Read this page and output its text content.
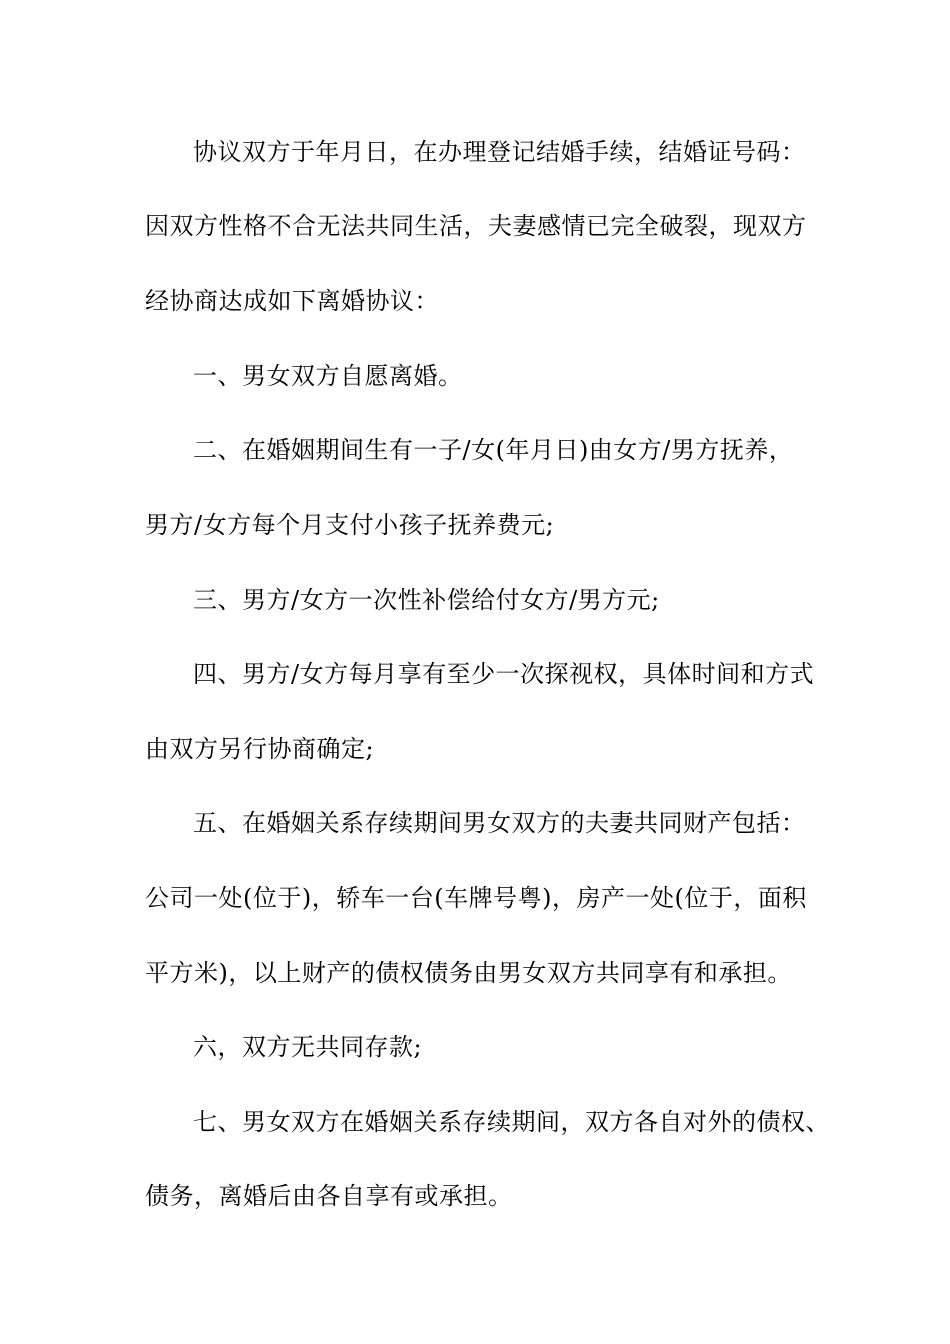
协议双方于年月日，在办理登记结婚手续，结婚证号码：
因双方性格不合无法共同生活，夫妻感情已完全破裂，现双方
经协商达成如下离婚协议：
一、男女双方自愿离婚。
二、在婚姻期间生有一子/女(年月日)由女方/男方抚养，
男方/女方每个月支付小孩子抚养费元;
三、男方/女方一次性补偿给付女方/男方元;
四、男方/女方每月享有至少一次探视权，具体时间和方式
由双方另行协商确定;
五、在婚姻关系存续期间男女双方的夫妻共同财产包括：
公司一处(位于)，轿车一台(车牌号粤)，房产一处(位于，面积
平方米)，以上财产的债权债务由男女双方共同享有和承担。
六，双方无共同存款;
七、男女双方在婚姻关系存续期间，双方各自对外的债权、
债务，离婚后由各自享有或承担。
